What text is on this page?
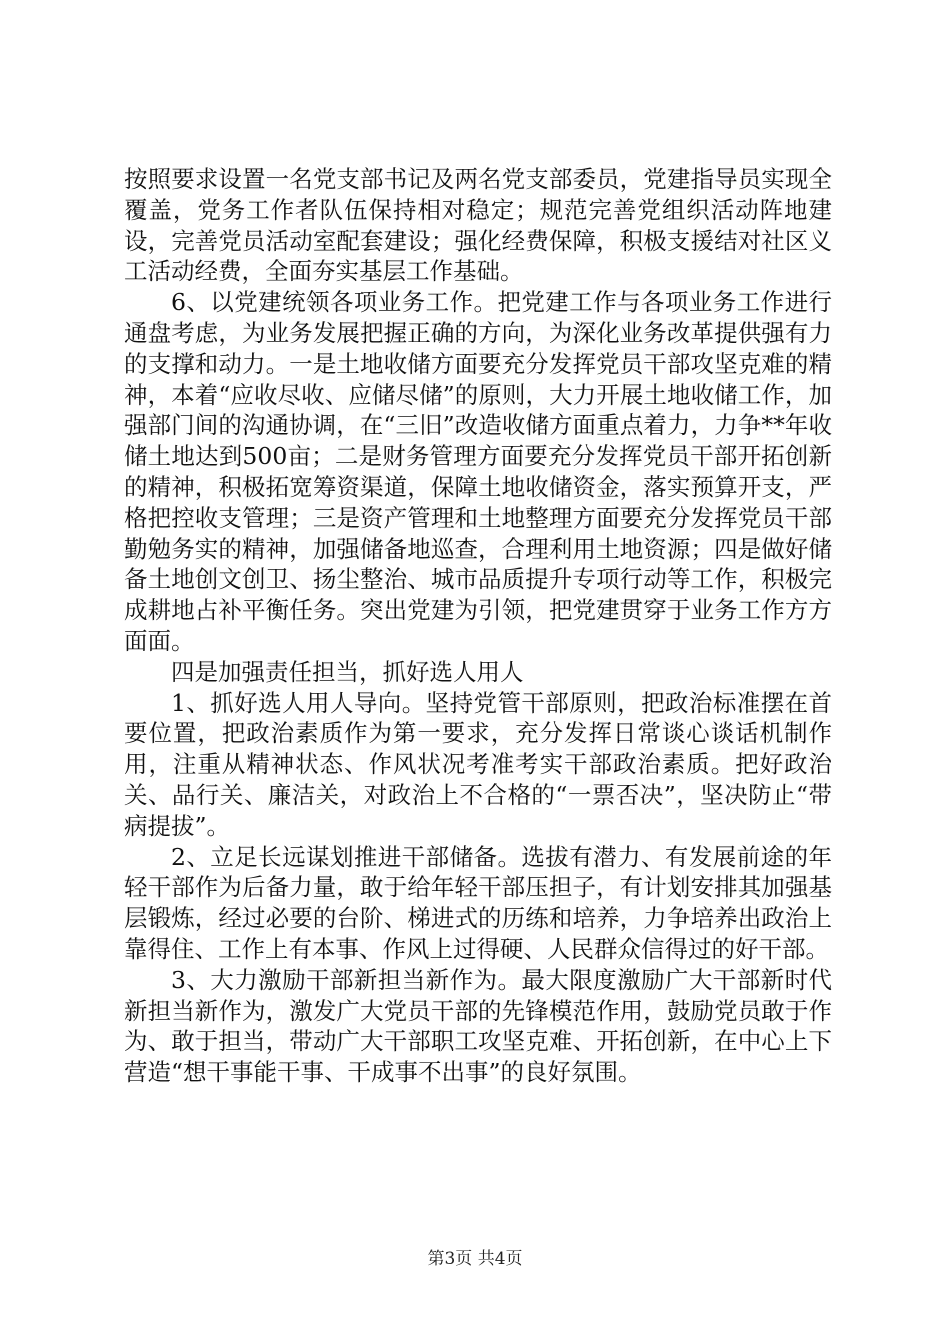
按照要求设置一名党支部书记及两名党支部委员，党建指导员实现全覆盖，党务工作者队伍保持相对稳定；规范完善党组织活动阵地建设，完善党员活动室配套建设；强化经费保障，积极支援结对社区义工活动经费，全面夯实基层工作基础。

6、以党建统领各项业务工作。把党建工作与各项业务工作进行通盘考虑，为业务发展把握正确的方向，为深化业务改革提供强有力的支撑和动力。一是土地收储方面要充分发挥党员干部攻坚克难的精神，本着“应收尽收、应储尽储”的原则，大力开展土地收储工作，加强部门间的沟通协调，在“三旧”改造收储方面重点着力，力争**年收储土地达到500亩；二是财务管理方面要充分发挥党员干部开拓创新的精神，积极拓宽筹资渠道，保障土地收储资金，落实预算开支，严格把控收支管理；三是资产管理和土地整理方面要充分发挥党员干部勤勉务实的精神，加强储备地巡查，合理利用土地资源；四是做好储备土地创文创卫、扬尘整治、城市品质提升专项行动等工作，积极完成耕地占补平衡任务。突出党建为引领，把党建贯穿于业务工作方方面面。

四是加强责任担当，抓好选人用人

1、抓好选人用人导向。坚持党管干部原则，把政治标准摆在首要位置，把政治素质作为第一要求，充分发挥日常谈心谈话机制作用，注重从精神状态、作风状况考准考实干部政治素质。把好政治关、品行关、廉洁关，对政治上不合格的“一票否决”，坚决防止“带病提拔”。

2、立足长远谋划推进干部储备。选拔有潜力、有发展前途的年轻干部作为后备力量，敢于给年轻干部压担子，有计划安排其加强基层锻炼，经过必要的台阶、梯进式的历练和培养，力争培养出政治上靠得住、工作上有本事、作风上过得硬、人民群众信得过的好干部。

3、大力激励干部新担当新作为。最大限度激励广大干部新时代新担当新作为，激发广大党员干部的先锋模范作用，鼓励党员敢于作为、敢于担当，带动广大干部职工攻坚克难、开拓创新，在中心上下营造“想干事能干事、干成事不出事”的良好氛围。

第3页 共4页
